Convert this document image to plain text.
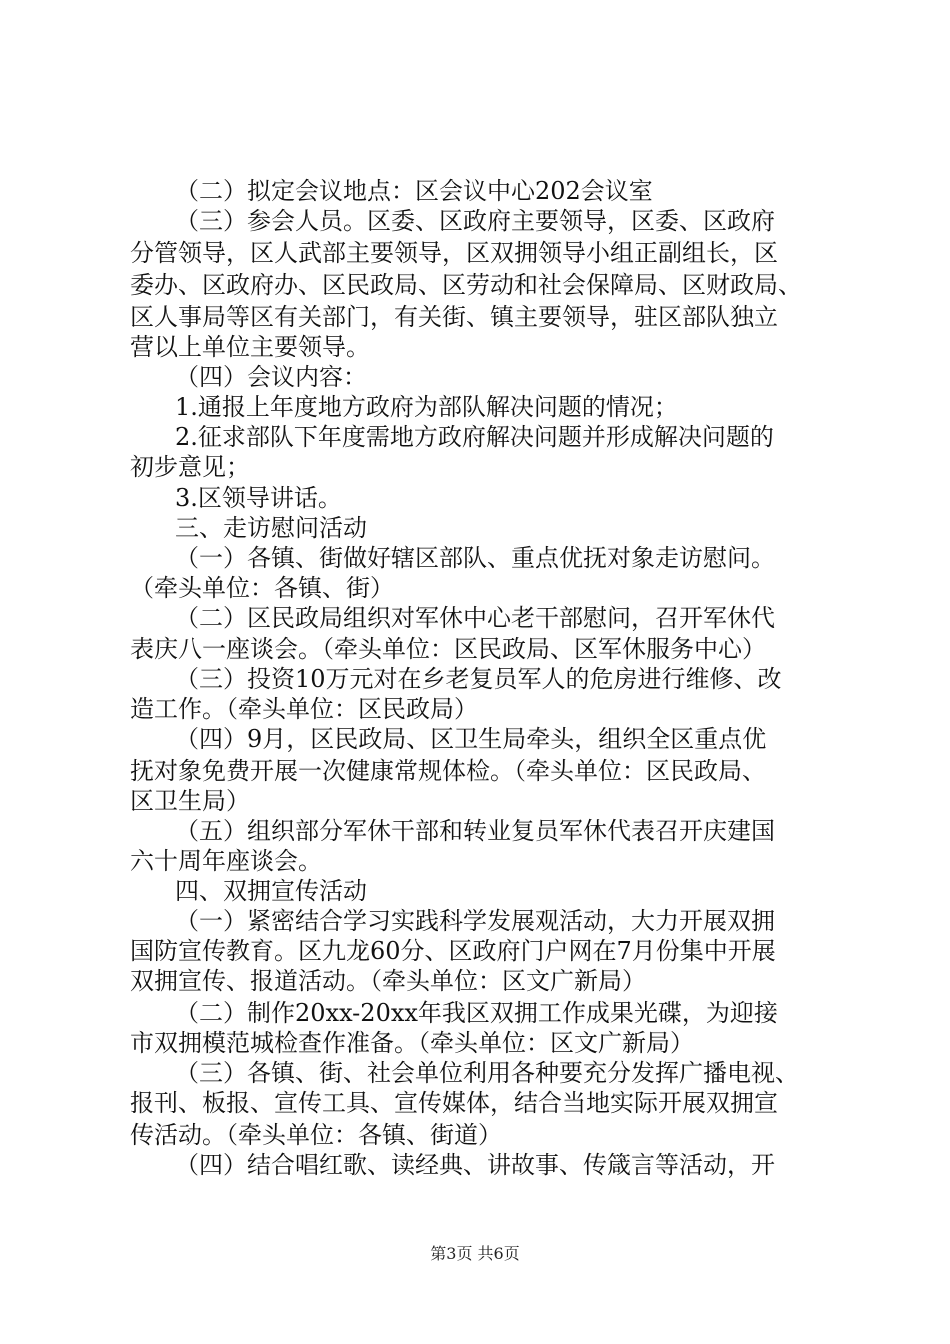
（二）拟定会议地点：区会议中心202会议室
（三）参会人员。区委、区政府主要领导，区委、区政府
分管领导，区人武部主要领导，区双拥领导小组正副组长，区
委办、区政府办、区民政局、区劳动和社会保障局、区财政局、
区人事局等区有关部门，有关街、镇主要领导，驻区部队独立
营以上单位主要领导。
（四）会议内容：
1.通报上年度地方政府为部队解决问题的情况；
2.征求部队下年度需地方政府解决问题并形成解决问题的
初步意见；
3.区领导讲话。
三、走访慰问活动
（一）各镇、街做好辖区部队、重点优抚对象走访慰问。
（牵头单位：各镇、街）
（二）区民政局组织对军休中心老干部慰问，召开军休代
表庆八一座谈会。（牵头单位：区民政局、区军休服务中心）
（三）投资10万元对在乡老复员军人的危房进行维修、改
造工作。（牵头单位：区民政局）
（四）9月，区民政局、区卫生局牵头，组织全区重点优
抚对象免费开展一次健康常规体检。（牵头单位：区民政局、
区卫生局）
（五）组织部分军休干部和转业复员军休代表召开庆建国
六十周年座谈会。
四、双拥宣传活动
（一）紧密结合学习实践科学发展观活动，大力开展双拥
国防宣传教育。区九龙60分、区政府门户网在7月份集中开展
双拥宣传、报道活动。（牵头单位：区文广新局）
（二）制作20xx-20xx年我区双拥工作成果光碟，为迎接
市双拥模范城检查作准备。（牵头单位：区文广新局）
（三）各镇、街、社会单位利用各种要充分发挥广播电视、
报刊、板报、宣传工具、宣传媒体，结合当地实际开展双拥宣
传活动。（牵头单位：各镇、街道）
（四）结合唱红歌、读经典、讲故事、传箴言等活动，开
第3页 共6页
